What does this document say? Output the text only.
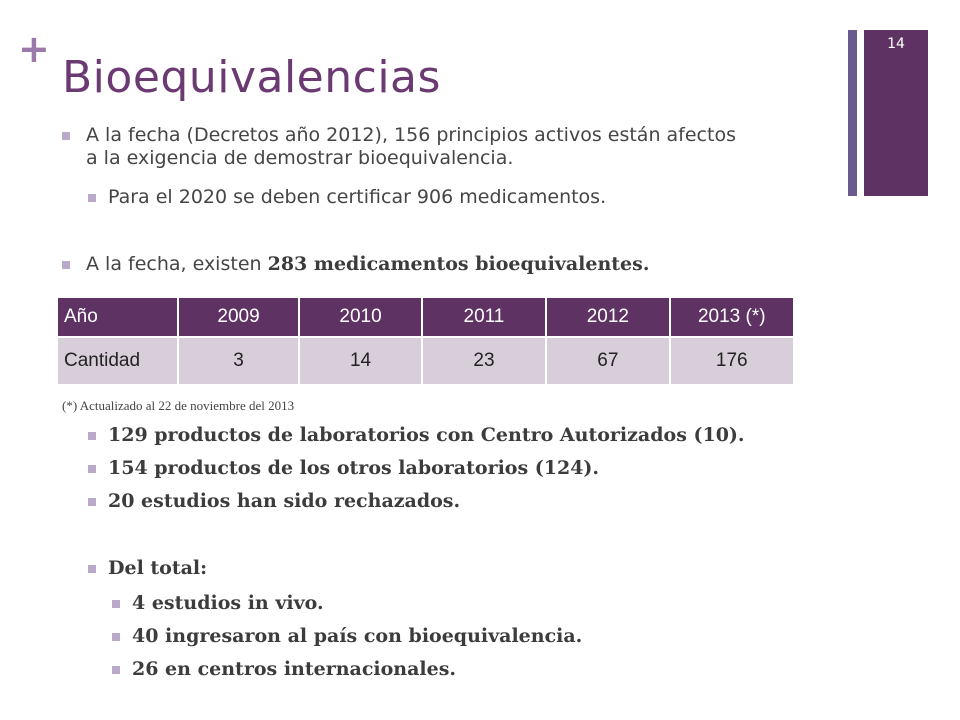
+
Bioequivalencias
14
A la fecha (Decretos año 2012), 156 principios activos están afectos
a la exigencia de demostrar bioequivalencia.
Para el 2020 se deben certificar 906 medicamentos.
A la fecha, existen 283 medicamentos bioequivalentes.
Año	2009	2010	2011	2012	2013 (*)
Cantidad	3	14	23	67	176
(*) Actualizado al 22 de noviembre del 2013
129 productos de laboratorios con Centro Autorizados (10).
154 productos de los otros laboratorios (124).
20 estudios han sido rechazados.
Del total:
4 estudios in vivo.
40 ingresaron al país con bioequivalencia.
26 en centros internacionales.
